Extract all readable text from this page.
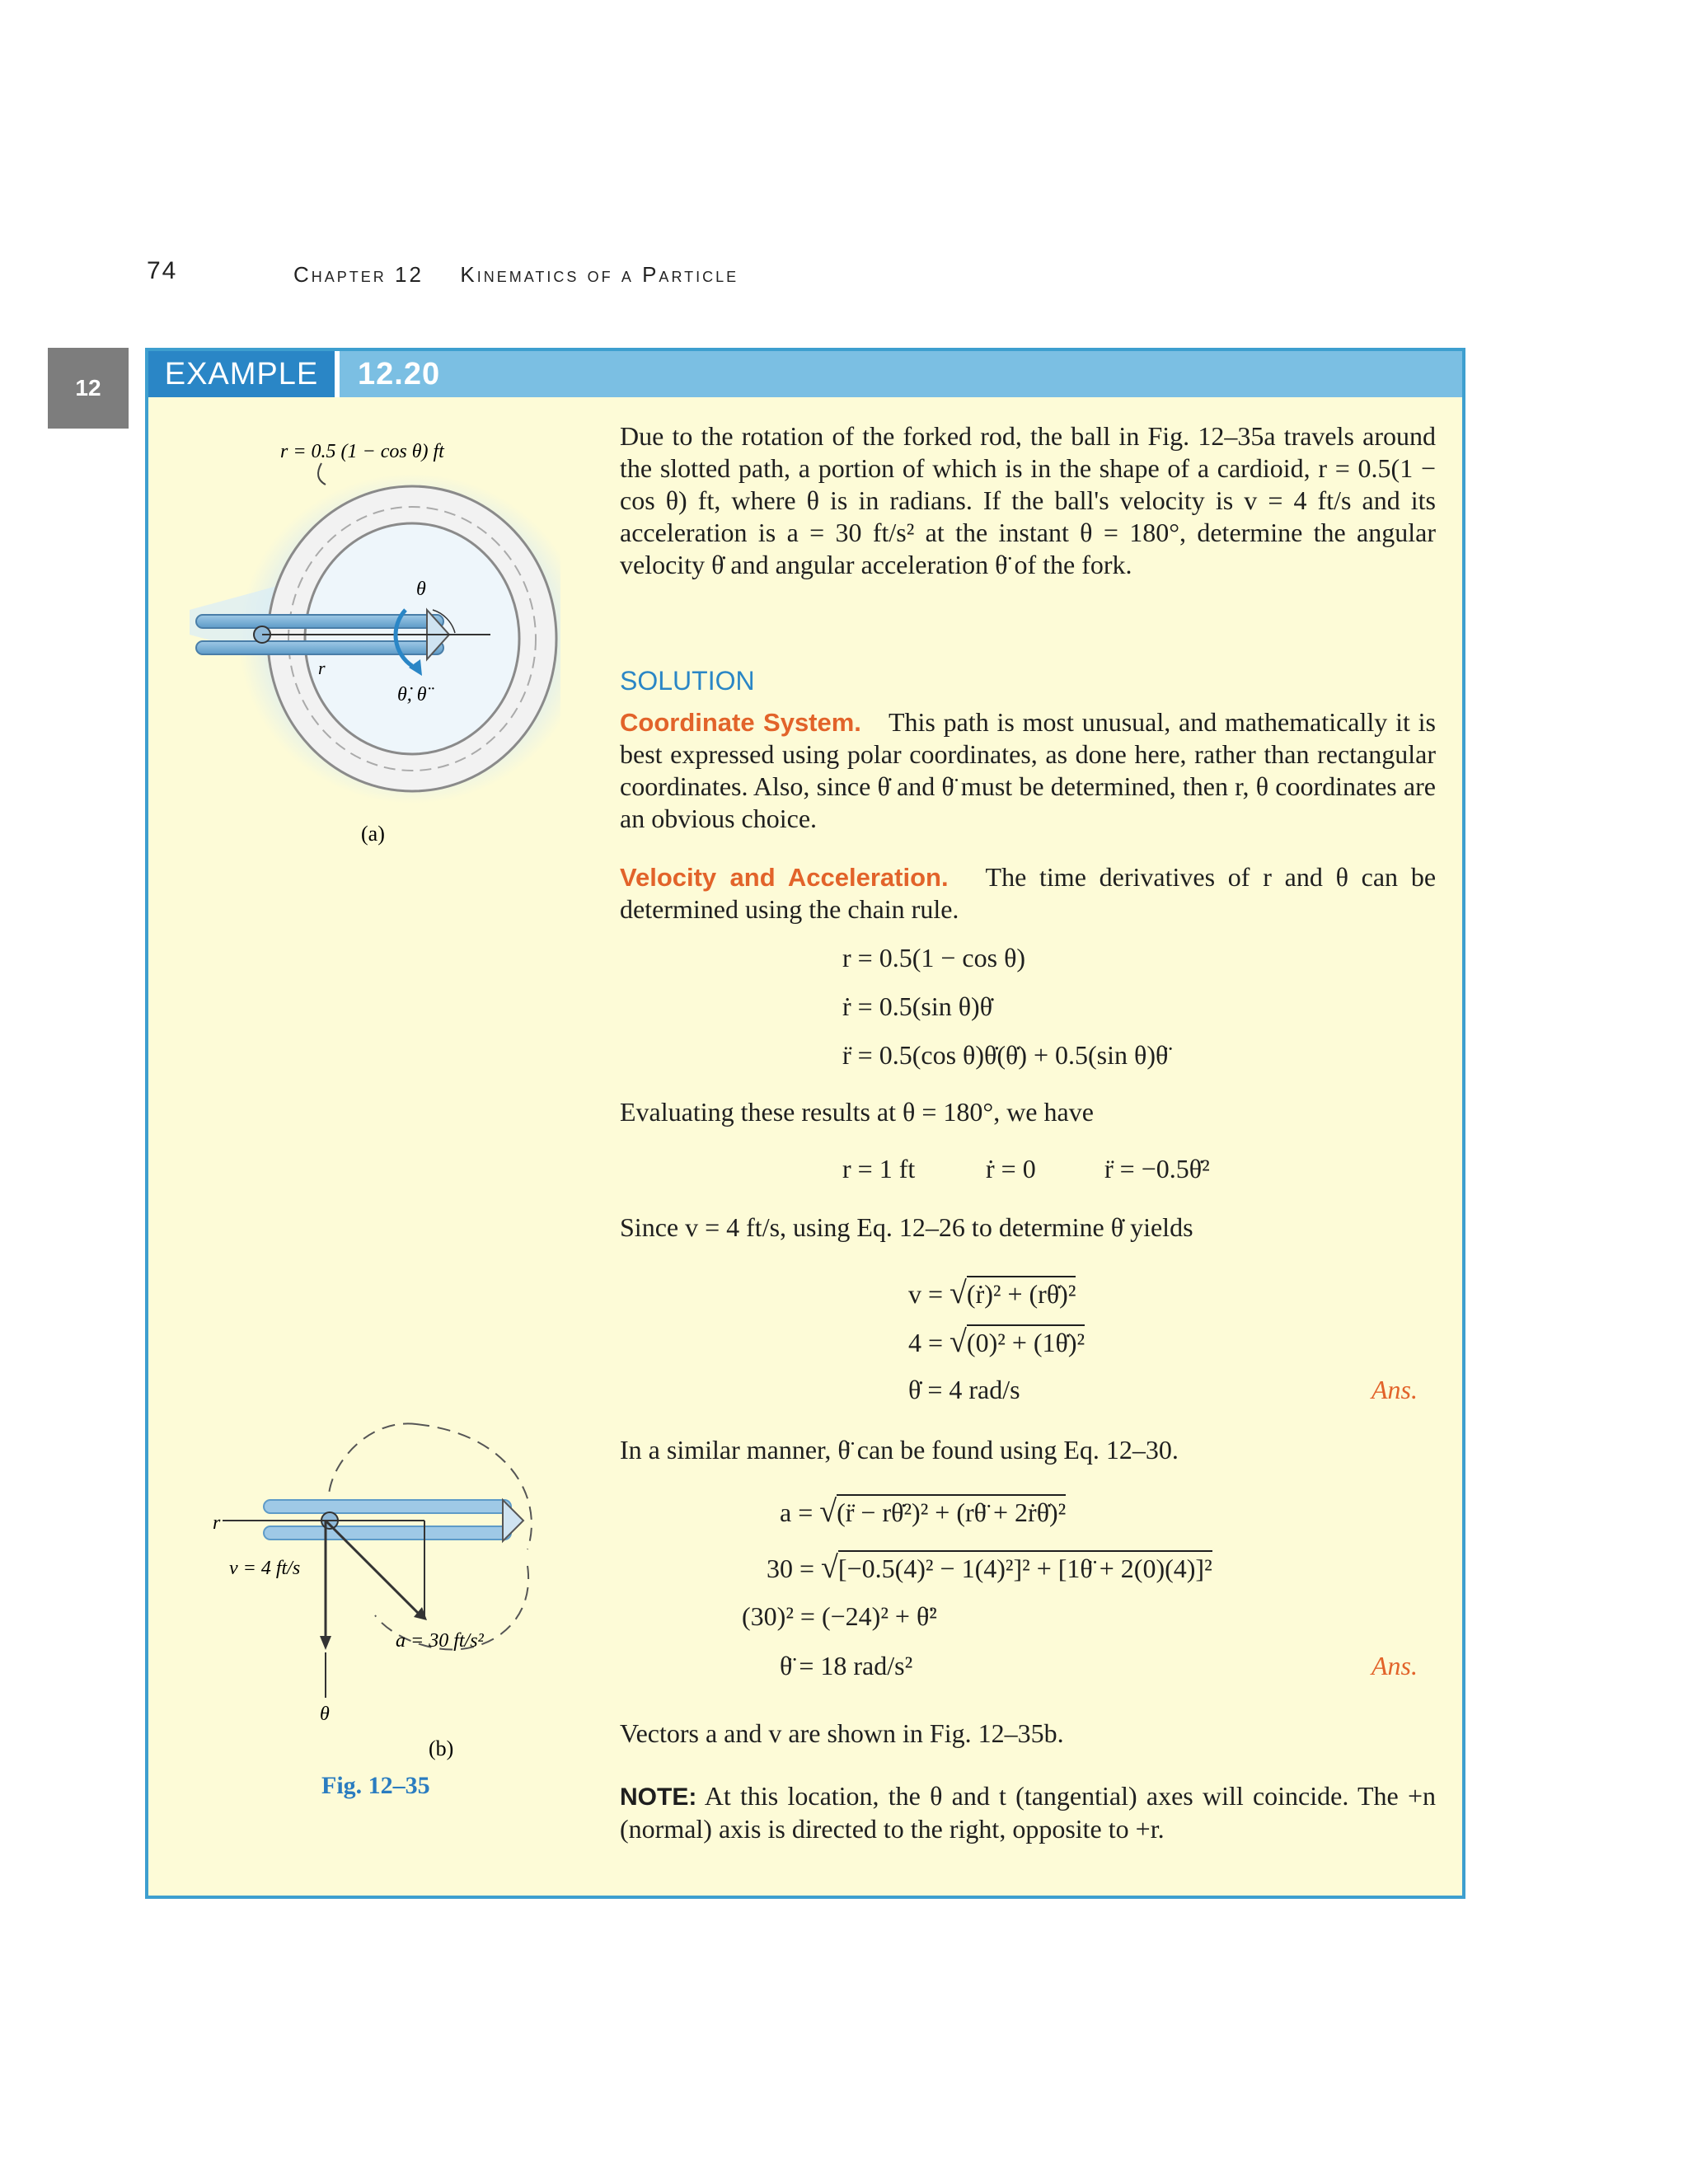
74	Chapter 12 Kinematics of a Particle
12	EXAMPLE	12.20
r = 0.5 (1 − cos θ) ft
θ
r
θ̇, θ̈
(a)
r
v = 4 ft/s
a = 30 ft/s²
θ
(b)
Fig. 12–35
Due to the rotation of the forked rod, the ball in Fig. 12–35a travels around the slotted path, a portion of which is in the shape of a cardioid, r = 0.5(1 − cos θ) ft, where θ is in radians. If the ball's velocity is v = 4 ft/s and its acceleration is a = 30 ft/s² at the instant θ = 180°, determine the angular velocity θ̇ and angular acceleration θ̈ of the fork.
SOLUTION
Coordinate System. This path is most unusual, and mathematically it is best expressed using polar coordinates, as done here, rather than rectangular coordinates. Also, since θ̇ and θ̈ must be determined, then r, θ coordinates are an obvious choice.
Velocity and Acceleration. The time derivatives of r and θ can be determined using the chain rule.
r = 0.5(1 − cos θ)
ṙ = 0.5(sin θ)θ̇
r̈ = 0.5(cos θ)θ̇(θ̇) + 0.5(sin θ)θ̈
Evaluating these results at θ = 180°, we have
r = 1 ft	ṙ = 0	r̈ = −0.5θ̇²
Since v = 4 ft/s, using Eq. 12–26 to determine θ̇ yields
v = √(ṙ)² + (rθ̇)²
4 = √(0)² + (1θ̇)²
θ̇ = 4 rad/s	Ans.
In a similar manner, θ̈ can be found using Eq. 12–30.
a = √(r̈ − rθ̇²)² + (rθ̈ + 2ṙθ̇)²
30 = √[−0.5(4)² − 1(4)²]² + [1θ̈ + 2(0)(4)]²
(30)² = (−24)² + θ̈²
θ̈ = 18 rad/s²	Ans.
Vectors a and v are shown in Fig. 12–35b.
NOTE: At this location, the θ and t (tangential) axes will coincide. The +n (normal) axis is directed to the right, opposite to +r.
